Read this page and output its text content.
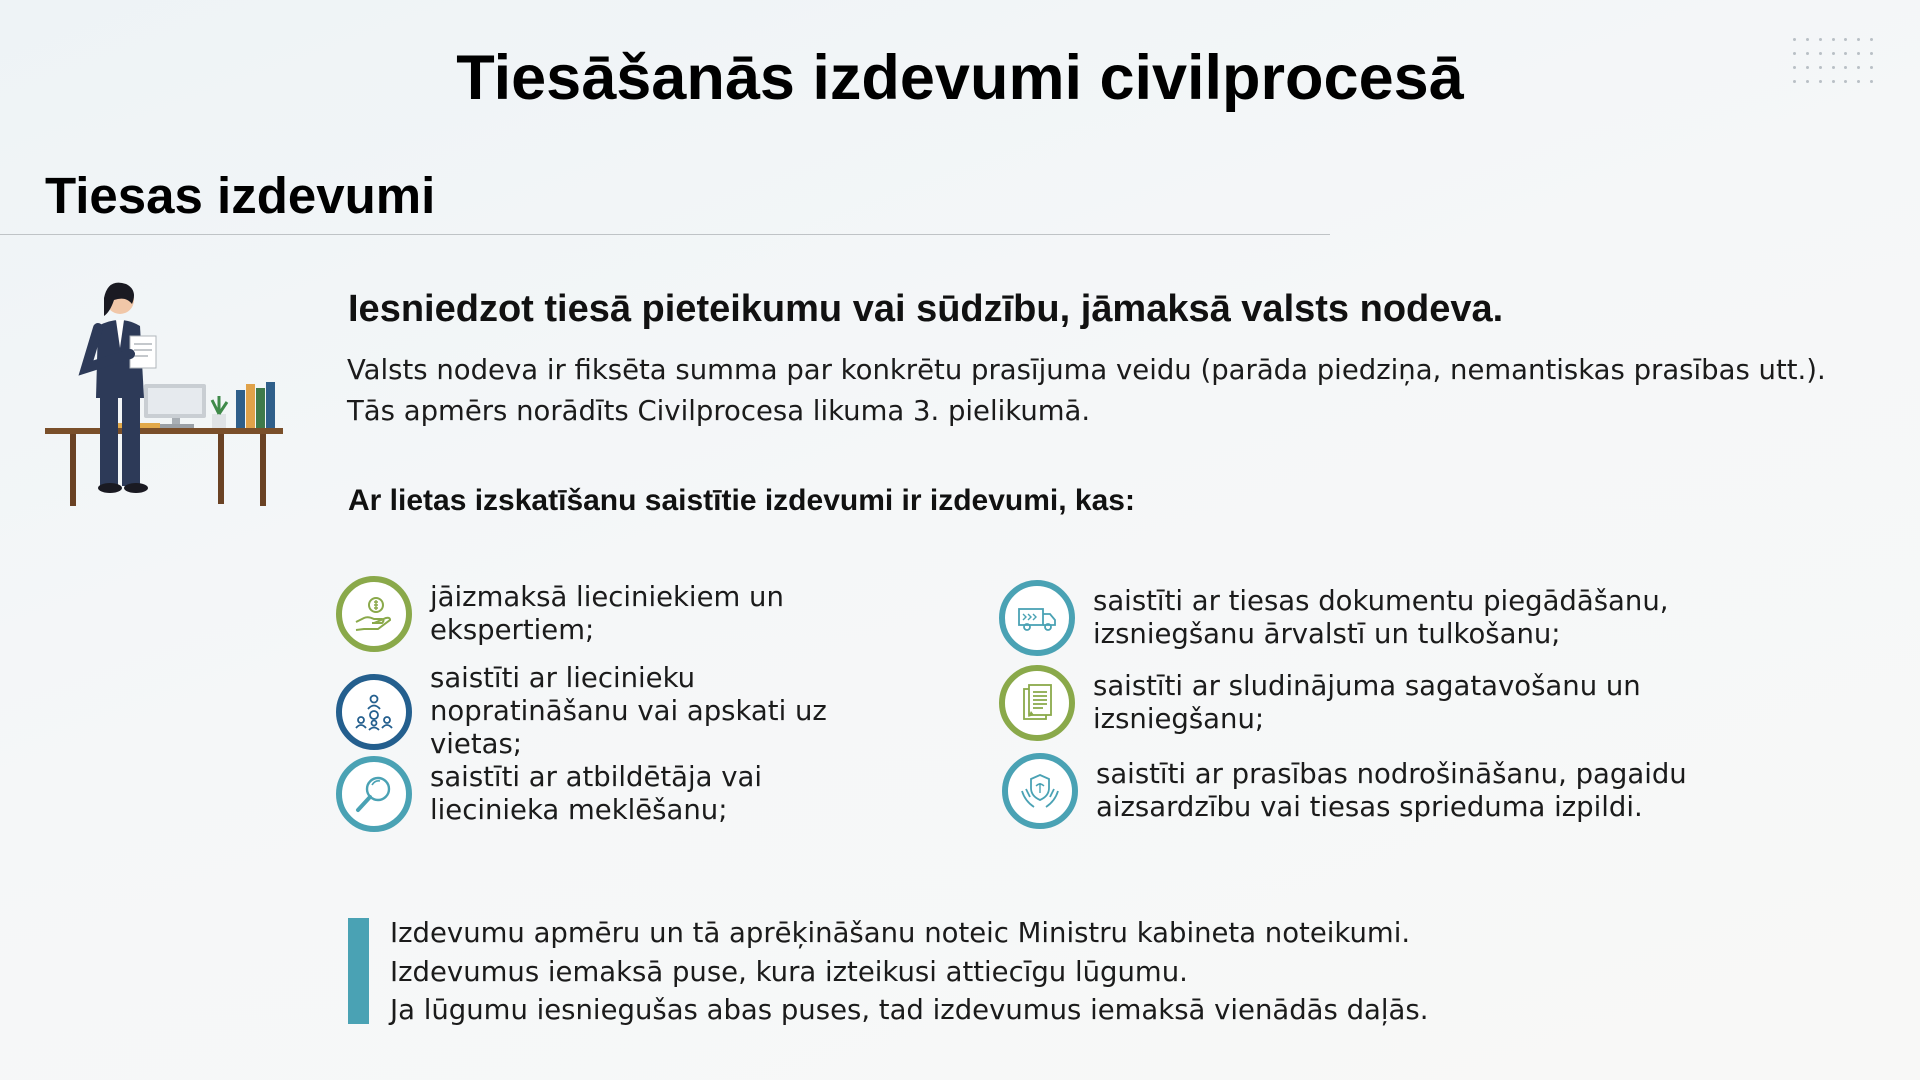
Tiesāšanās izdevumi civilprocesā
Tiesas izdevumi
Iesniedzot tiesā pieteikumu vai sūdzību, jāmaksā valsts nodeva.
Valsts nodeva ir fiksēta summa par konkrētu prasījuma veidu (parāda piedziņa, nemantiskas prasības utt.).
Tās apmērs norādīts Civilprocesa likuma 3. pielikumā.
Ar lietas izskatīšanu saistītie izdevumi ir izdevumi, kas:
jāizmaksā lieciniekiem un ekspertiem;
saistīti ar liecinieku nopratināšanu vai apskati uz vietas;
saistīti ar atbildētāja vai liecinieka meklēšanu;
saistīti ar tiesas dokumentu piegādāšanu, izsniegšanu ārvalstī un tulkošanu;
saistīti ar sludinājuma sagatavošanu un izsniegšanu;
saistīti ar prasības nodrošināšanu, pagaidu aizsardzību vai tiesas sprieduma izpildi.
Izdevumu apmēru un tā aprēķināšanu noteic Ministru kabineta noteikumi.
Izdevumus iemaksā puse, kura izteikusi attiecīgu lūgumu.
Ja lūgumu iesniegušas abas puses, tad izdevumus iemaksā vienādās daļās.
